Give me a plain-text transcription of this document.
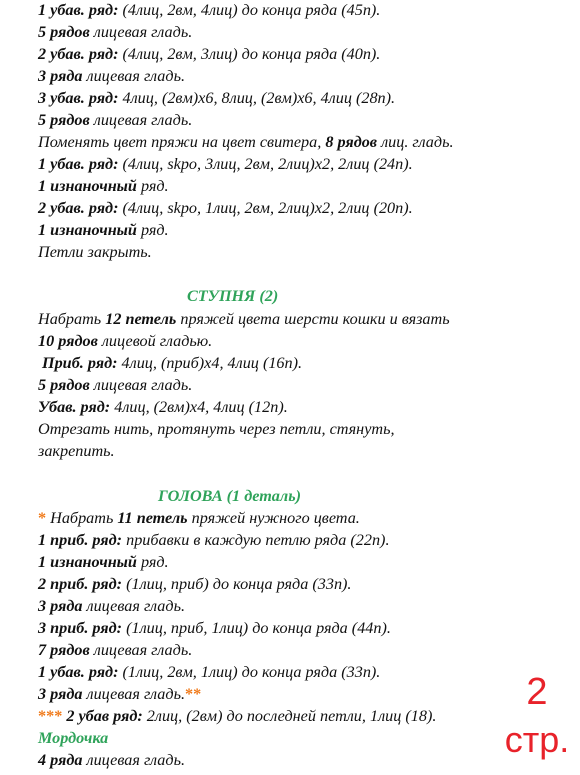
1 убав. ряд: (4лиц, 2вм, 4лиц) до конца ряда (45п).
5 рядов лицевая гладь.
2 убав. ряд: (4лиц, 2вм, 3лиц) до конца ряда (40п).
3 ряда лицевая гладь.
3 убав. ряд: 4лиц, (2вм)х6, 8лиц, (2вм)х6, 4лиц (28п).
5 рядов лицевая гладь.
Поменять цвет пряжи на цвет свитера, 8 рядов лиц. гладь.
1 убав. ряд: (4лиц, skpo, 3лиц, 2вм, 2лиц)х2, 2лиц (24п).
1 изнаночный ряд.
2 убав. ряд: (4лиц, skpo, 1лиц, 2вм, 2лиц)х2, 2лиц (20п).
1 изнаночный ряд.
Петли закрыть.
СТУПНЯ (2)
Набрать 12 петель пряжей цвета шерсти кошки и вязать
10 рядов лицевой гладью.
Приб. ряд: 4лиц, (приб)х4, 4лиц (16п).
5 рядов лицевая гладь.
Убав. ряд: 4лиц, (2вм)х4, 4лиц (12п).
Отрезать нить, протянуть через петли, стянуть,
закрепить.
ГОЛОВА (1 деталь)
* Набрать 11 петель пряжей нужного цвета.
1 приб. ряд: прибавки в каждую петлю ряда (22п).
1 изнаночный ряд.
2 приб. ряд: (1лиц, приб) до конца ряда (33п).
3 ряда лицевая гладь.
3 приб. ряд: (1лиц, приб, 1лиц) до конца ряда (44п).
7 рядов лицевая гладь.
1 убав. ряд: (1лиц, 2вм, 1лиц) до конца ряда (33п).
3 ряда лицевая гладь.**
*** 2 убав ряд: 2лиц, (2вм) до последней петли, 1лиц (18).
Мордочка
4 ряда лицевая гладь.
2
стр.
